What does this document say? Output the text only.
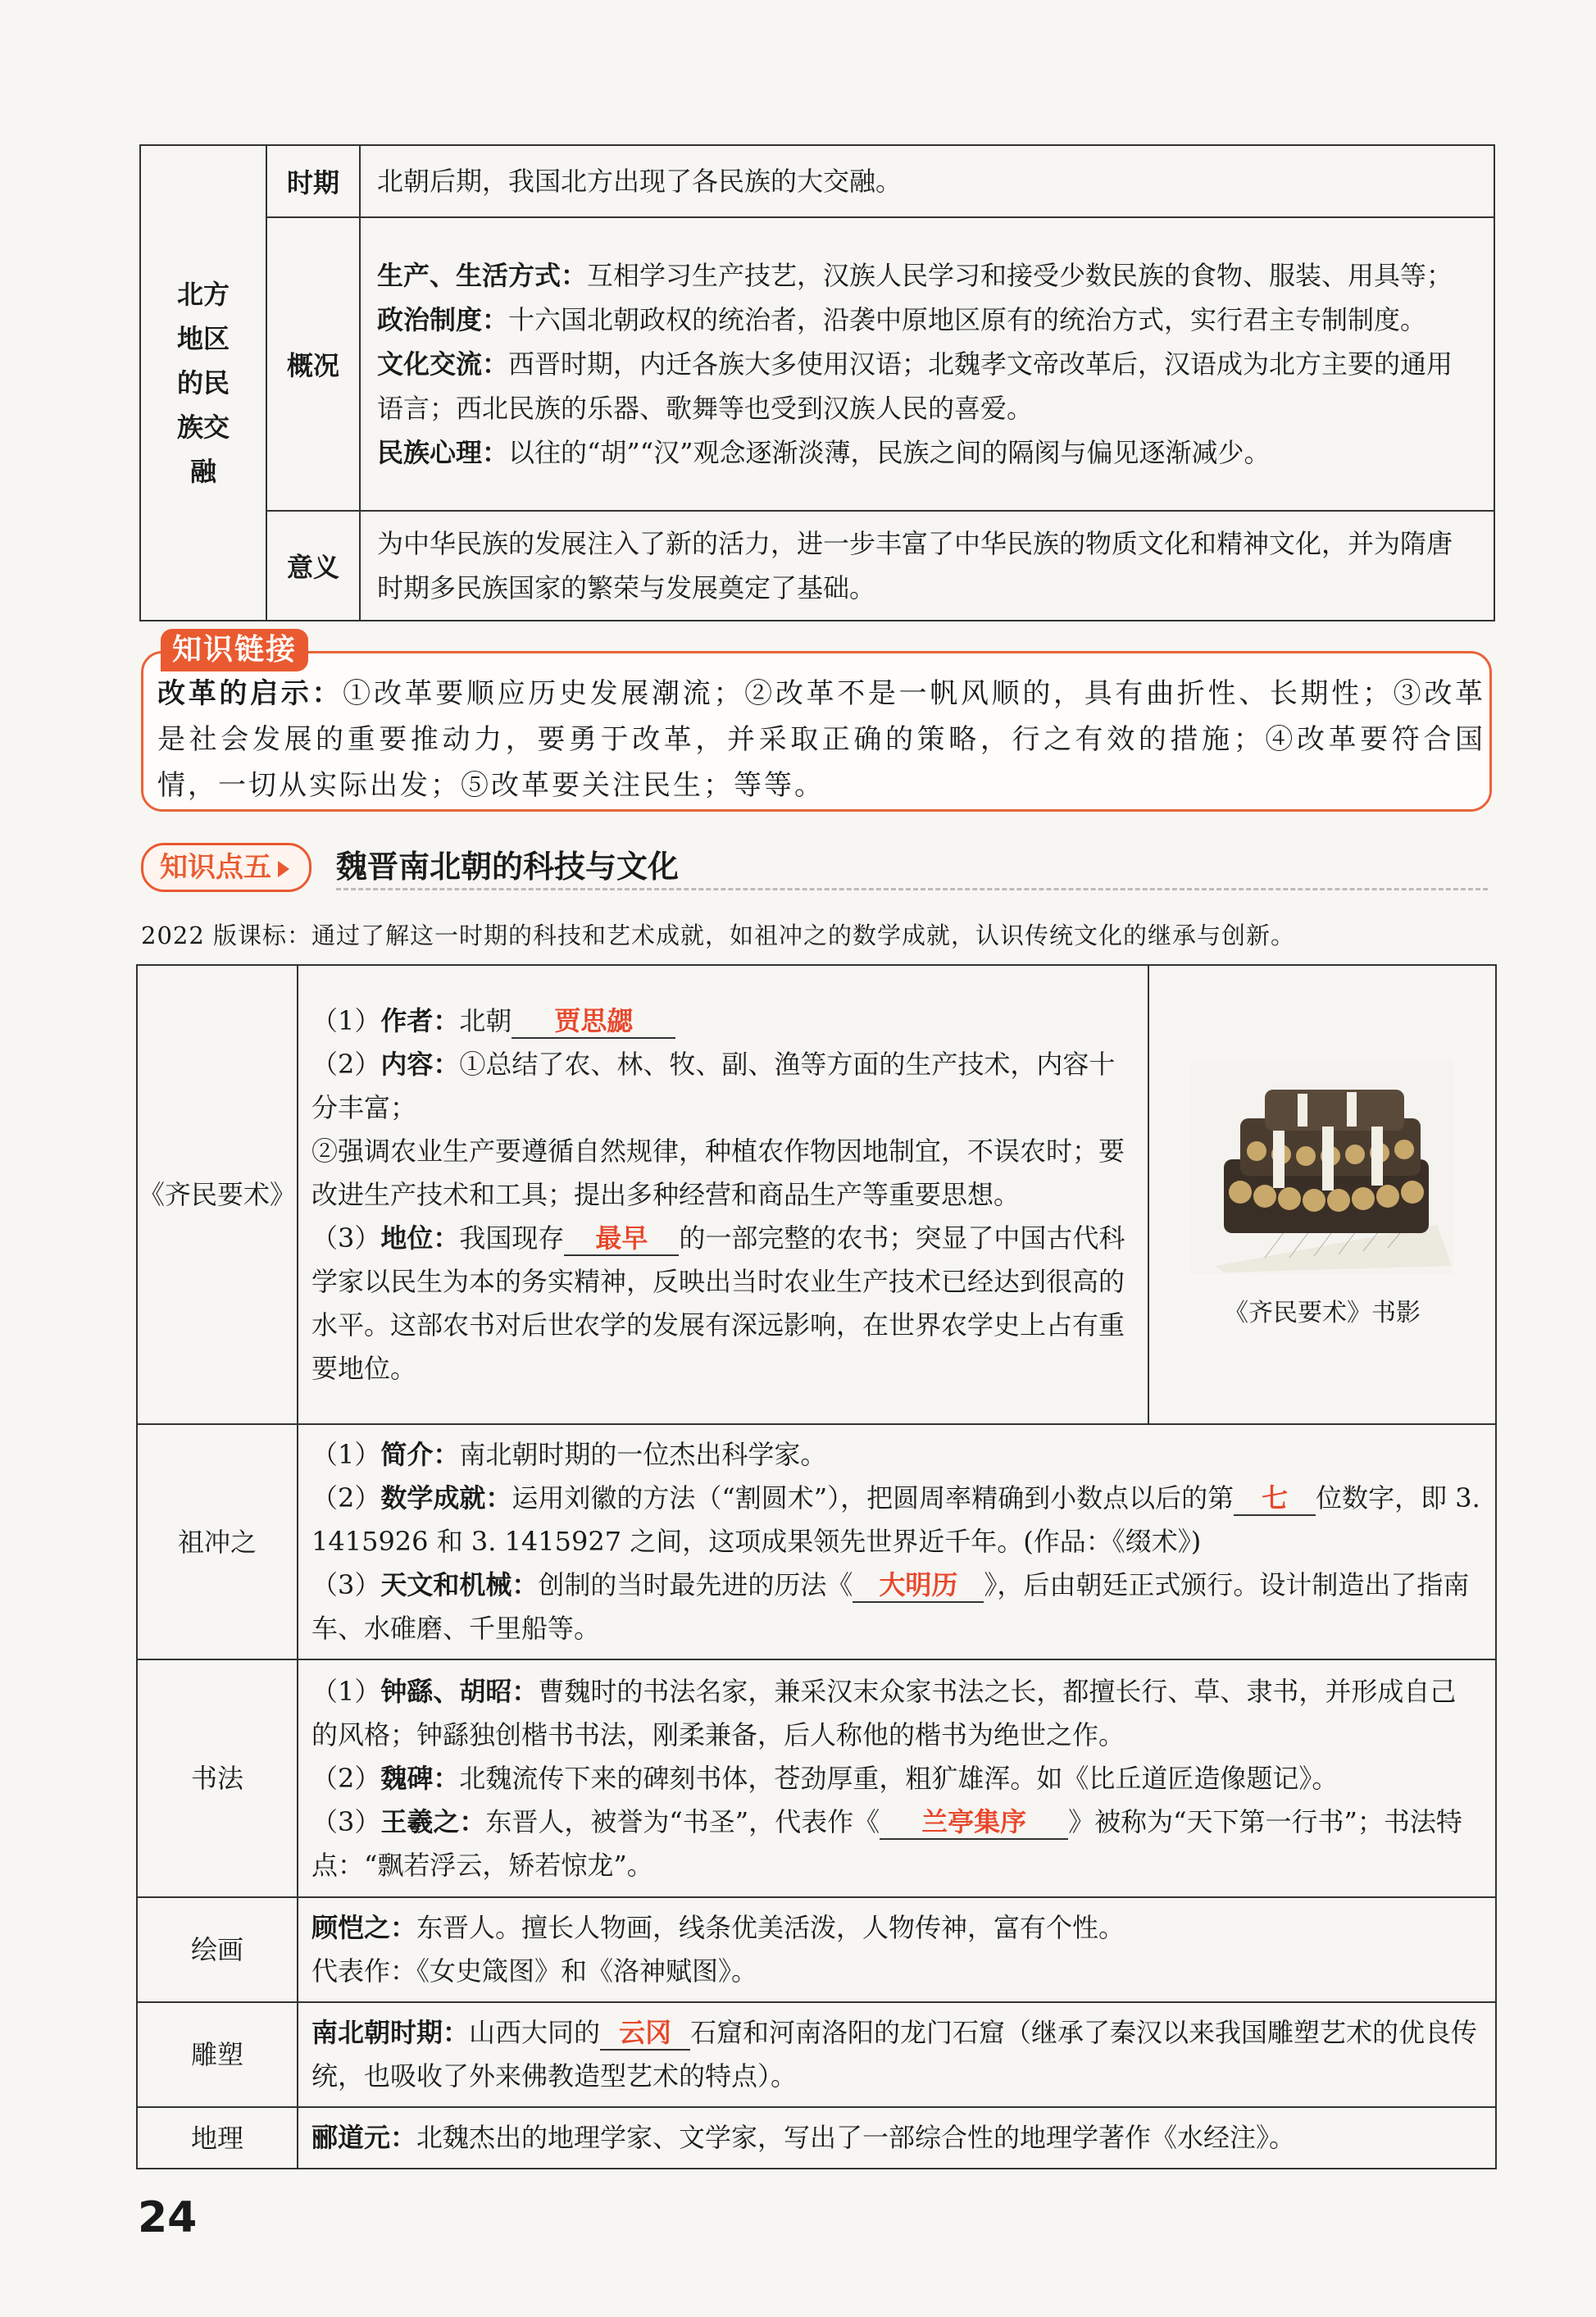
北方
地区
的民
族交
融	时期	北朝后期，我国北方出现了各民族的大交融。
	概况	生产、生活方式：互相学习生产技艺，汉族人民学习和接受少数民族的食物、服装、用具等；
政治制度：十六国北朝政权的统治者，沿袭中原地区原有的统治方式，实行君主专制制度。
文化交流：西晋时期，内迁各族大多使用汉语；北魏孝文帝改革后，汉语成为北方主要的通用语言；西北民族的乐器、歌舞等也受到汉族人民的喜爱。
民族心理：以往的“胡”“汉”观念逐渐淡薄，民族之间的隔阂与偏见逐渐减少。
	意义	为中华民族的发展注入了新的活力，进一步丰富了中华民族的物质文化和精神文化，并为隋唐时期多民族国家的繁荣与发展奠定了基础。
知识链接
改革的启示：①改革要顺应历史发展潮流；②改革不是一帆风顺的，具有曲折性、长期性；③改革是社会发展的重要推动力，要勇于改革，并采取正确的策略，行之有效的措施；④改革要符合国情，一切从实际出发；⑤改革要关注民生；等等。
知识点五	魏晋南北朝的科技与文化
2022 版课标：通过了解这一时期的科技和艺术成就，如祖冲之的数学成就，认识传统文化的继承与创新。
《齐民要术》	（1）作者：北朝 贾思勰
（2）内容：①总结了农、林、牧、副、渔等方面的生产技术，内容十分丰富；
②强调农业生产要遵循自然规律，种植农作物因地制宜，不误农时；要改进生产技术和工具；提出多种经营和商品生产等重要思想。
（3）地位：我国现存 最早 的一部完整的农书；突显了中国古代科学家以民生为本的务实精神，反映出当时农业生产技术已经达到很高的水平。这部农书对后世农学的发展有深远影响，在世界农学史上占有重要地位。	《齐民要术》书影

祖冲之	（1）简介：南北朝时期的一位杰出科学家。
（2）数学成就：运用刘徽的方法（“割圆术”），把圆周率精确到小数点以后的第 七 位数字，即 3. 1415926 和 3. 1415927 之间，这项成果领先世界近千年。(作品：《缀术》)
（3）天文和机械：创制的当时最先进的历法《 大明历 》，后由朝廷正式颁行。设计制造出了指南车、水碓磨、千里船等。	
书法	（1）钟繇、胡昭：曹魏时的书法名家，兼采汉末众家书法之长，都擅长行、草、隶书，并形成自己的风格；钟繇独创楷书书法，刚柔兼备，后人称他的楷书为绝世之作。
（2）魏碑：北魏流传下来的碑刻书体，苍劲厚重，粗犷雄浑。如《比丘道匠造像题记》。
（3）王羲之：东晋人，被誉为“书圣”，代表作《 兰亭集序 》被称为“天下第一行书”；书法特点：“飘若浮云，矫若惊龙”。	
绘画	顾恺之：东晋人。擅长人物画，线条优美活泼，人物传神，富有个性。
代表作：《女史箴图》和《洛神赋图》。	
雕塑	南北朝时期：山西大同的 云冈 石窟和河南洛阳的龙门石窟（继承了秦汉以来我国雕塑艺术的优良传统，也吸收了外来佛教造型艺术的特点）。	
地理	郦道元：北魏杰出的地理学家、文学家，写出了一部综合性的地理学著作《水经注》。	
24
